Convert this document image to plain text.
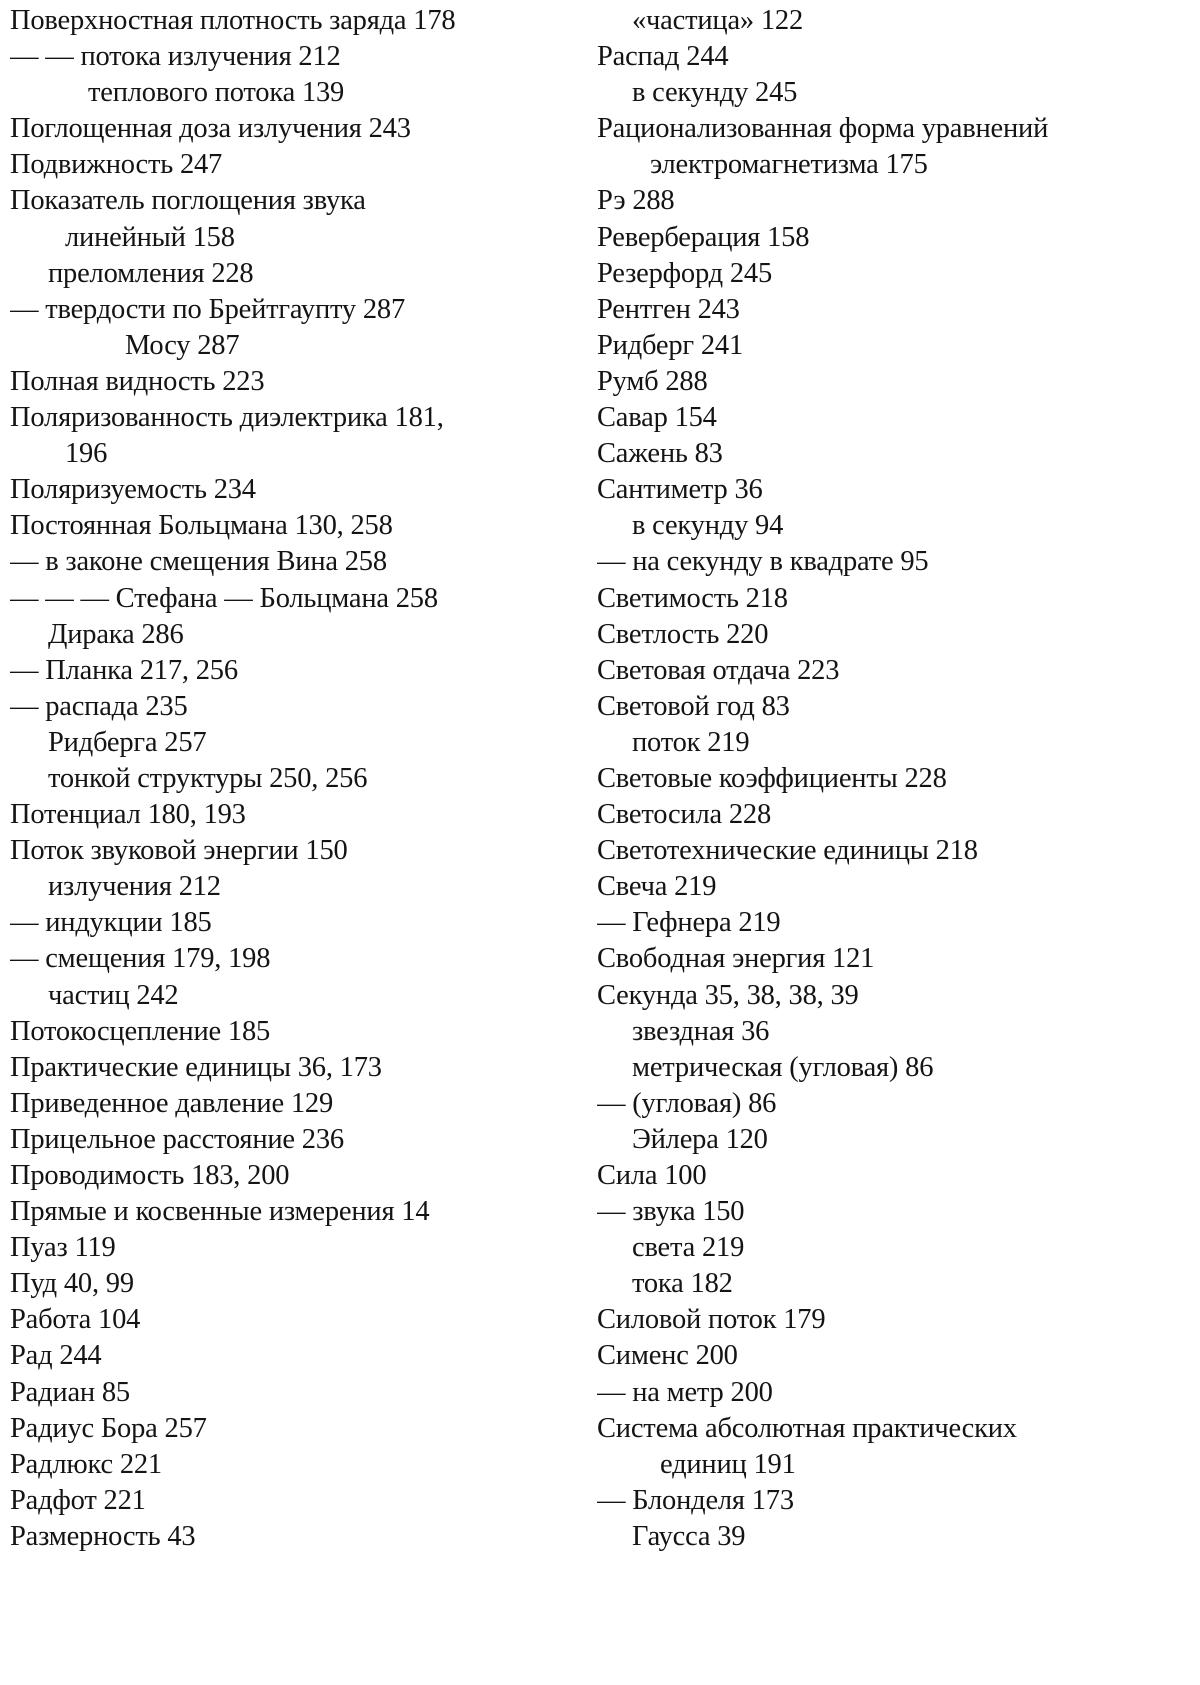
Поверхностная плотность заряда 178
— — потока излучения 212
теплового потока 139
Поглощенная доза излучения 243
Подвижность 247
Показатель поглощения звука
линейный 158
преломления 228
— твердости по Брейтгаупту 287
Мосу 287
Полная видность 223
Поляризованность диэлектрика 181,
196
Поляризуемость 234
Постоянная Больцмана 130, 258
— в законе смещения Вина 258
— — — Стефана — Больцмана 258
Дирака 286
— Планка 217, 256
— распада 235
Ридберга 257
тонкой структуры 250, 256
Потенциал 180, 193
Поток звуковой энергии 150
излучения 212
— индукции 185
— смещения 179, 198
частиц 242
Потокосцепление 185
Практические единицы 36, 173
Приведенное давление 129
Прицельное расстояние 236
Проводимость 183, 200
Прямые и косвенные измерения 14
Пуаз 119
Пуд 40, 99
Работа 104
Рад 244
Радиан 85
Радиус Бора 257
Радлюкс 221
Радфот 221
Размерность 43
«частица» 122
Распад 244
в секунду 245
Рационализованная форма уравнений
электромагнетизма 175
Рэ 288
Реверберация 158
Резерфорд 245
Рентген 243
Ридберг 241
Румб 288
Савар 154
Сажень 83
Сантиметр 36
в секунду 94
— на секунду в квадрате 95
Светимость 218
Светлость 220
Световая отдача 223
Световой год 83
поток 219
Световые коэффициенты 228
Светосила 228
Светотехнические единицы 218
Свеча 219
— Гефнера 219
Свободная энергия 121
Секунда 35, 38, 38, 39
звездная 36
метрическая (угловая) 86
— (угловая) 86
Эйлера 120
Сила 100
— звука 150
света 219
тока 182
Силовой поток 179
Сименс 200
— на метр 200
Система абсолютная практических
единиц 191
— Блонделя 173
Гаусса 39
